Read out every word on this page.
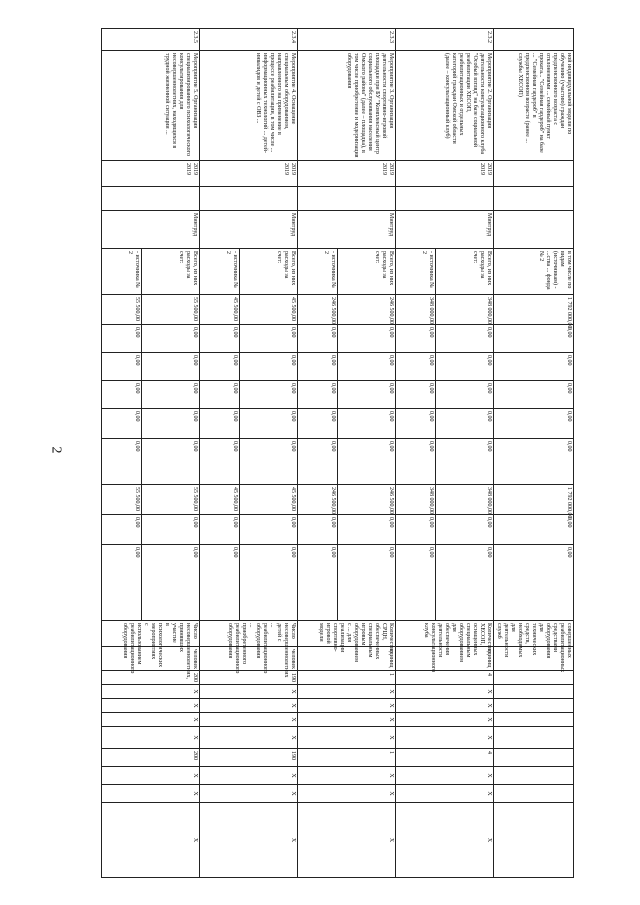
	ной индивидуальной модели по обучению (участию) граждан предпенсионного возраста с отклонениями ... семейный пункт проката... "Семейная гардероб" на базе ... "Семейная гардероб" в предпенсионном возрасте (ранее ... службы ХЕСОП)				в том числе по видам (источникам) - ...ства ... фонда № 2	1 792 000,00	0,00	0,00	0,00	0,00	0,00	1 792 000,00	0,00	0,00	совершенных реабилитационных средствами оборудования для технических средств, необходимых для деятельности служб										
2.3.2	Мероприятие 2. Организация деятельности консультационного клуба "Особый взгляд" на базе социальной реабилитации ХЕСОП, реабилитационных и отдельных категорий граждан Омской области (далее – консультационный клуб)	2019 2019		Минтруд	Всего, из них расходы за счет:	348 000,00	0,00	0,00	0,00	0,00	0,00	348 000,00	0,00	0,00	Количество ХЕСОП, оснащенных специальным оборудованием для обеспечения деятельности консультационного клуба	единиц	4	X	X	X	X	4	X	X	X
					- источника № 2	348 000,00	0,00	0,00	0,00	0,00	0,00	348 000,00	0,00	0,00											
2.3.3	Мероприятие 3. Организация деятельности спортивно-игровой площадки при БУ "Комплексный центр социального обслуживания населения Омского района" (далее – площадка), в том числе приобретение и модернизация оборудования	2019 2019		Минтруд	Всего, из них расходы за счет:	246 500,00	0,00	0,00	0,00	0,00	0,00	246 500,00	0,00	0,00	Количество СРЦН, обеспеченных специальным игровым оборудованием с ... для реализации спортивно-игровой модели	единиц	1	X	X	X	X	1	X	X	X
					- источника № 2	246 500,00	0,00	0,00	0,00	0,00	0,00	246 500,00	0,00	0,00											
2.3.4	Мероприятие 4. Оснащение специальным оборудованием, направленного на применение в процессе реабилитации, в том числе ... информационных технологий ... детей-инвалидов и детей с ОВЗ ...	2019 2019		Минтруд	Всего, из них расходы за счет:	45 500,00	0,00	0,00	0,00	0,00	0,00	45 500,00	0,00	0,00	Число несовершеннолетних детей с ... реабилитационного оборудования ... приобретенного реабилитационного оборудования	человек	190	X	X	X	X	190	X	X	X
					- источника № 2	45 500,00	0,00	0,00	0,00	0,00	0,00	45 500,00	0,00	0,00											
2.3.5	Мероприятие 5. Организация специализированного психологического консультирования для несовершеннолетних, находящихся в трудной жизненной ситуации ...	2019 2019		Минтруд	Всего, из них расходы за счет:	55 500,00	0,00	0,00	0,00	0,00	0,00	55 500,00	0,00	0,00	Число несовершеннолетних, принявших участие в психологических мероприятиях с использованием реабилитационного оборудования	человек	200	X	X	X	X	200	X	X	X
					- источника № 2	55 500,00	0,00	0,00	0,00	0,00	0,00	55 500,00	0,00	0,00											
2
